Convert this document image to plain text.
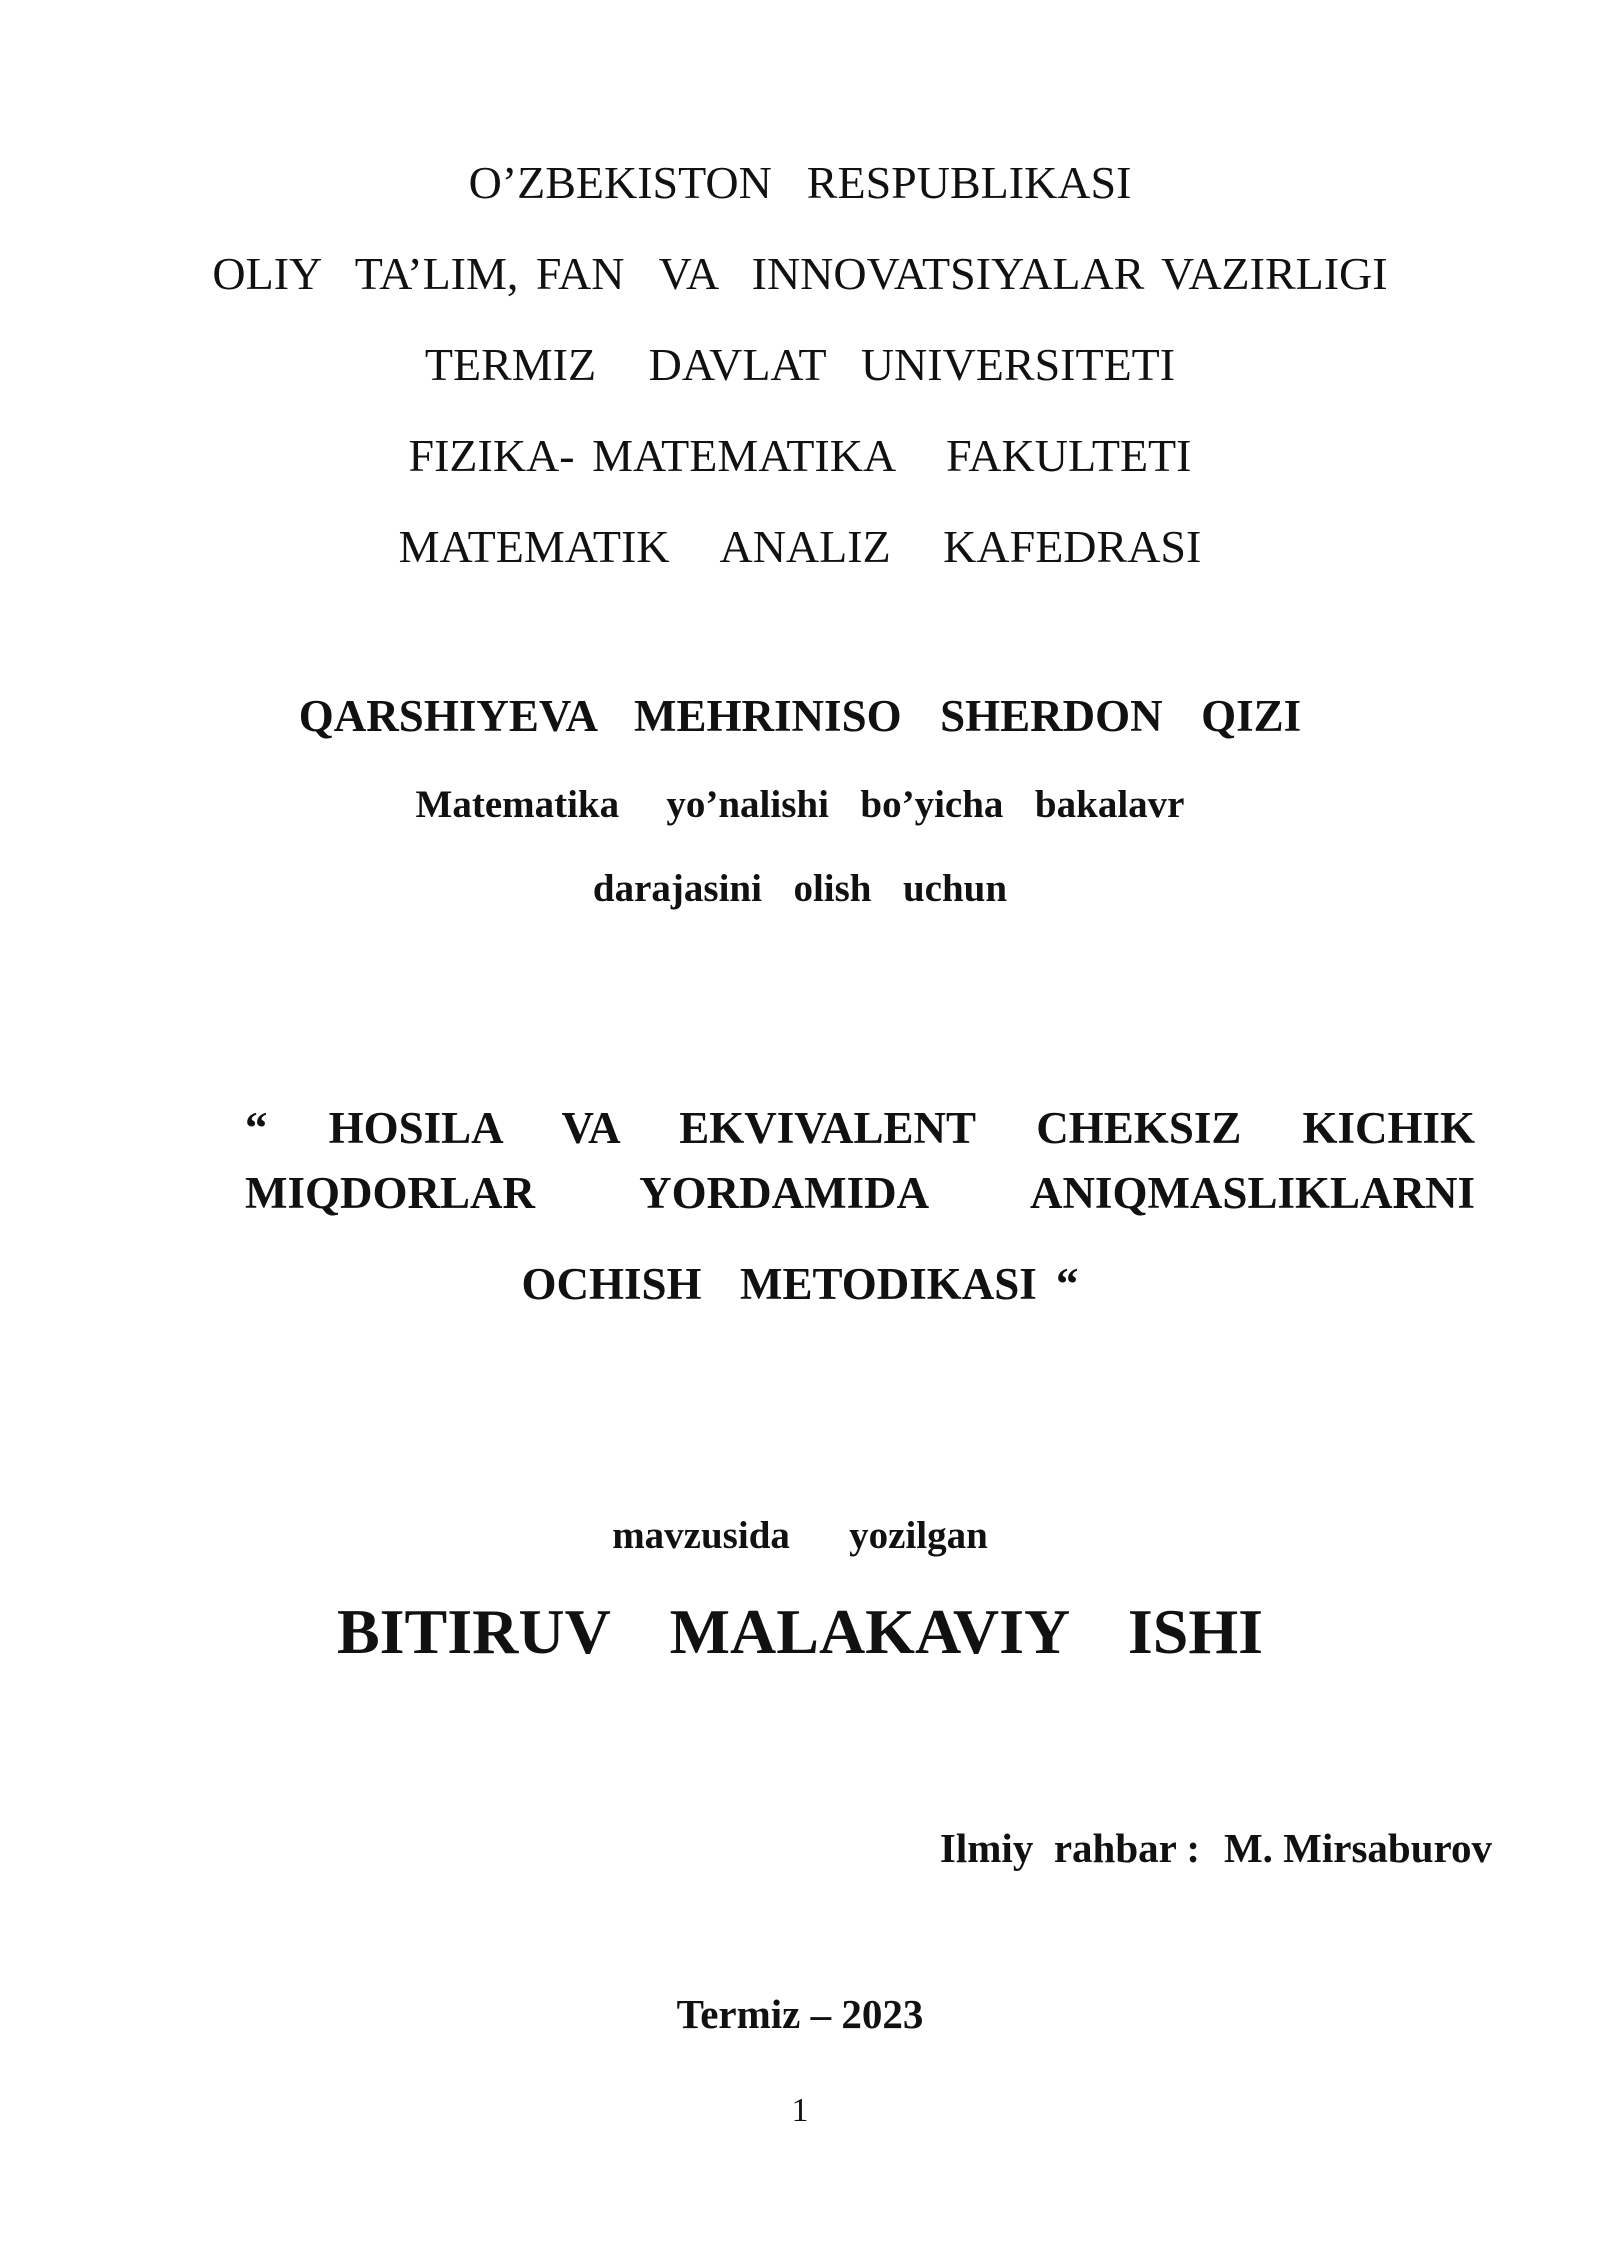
O’ZBEKISTON  RESPUBLIKASI
OLIY  TA’LIM, FAN  VA  INNOVATSIYALAR VAZIRLIGI
TERMIZ   DAVLAT  UNIVERSITETI
FIZIKA- MATEMATIKA   FAKULTETI
MATEMATIK   ANALIZ   KAFEDRASI
QARSHIYEVA  MEHRINISO  SHERDON  QIZI
Matematika   yo’nalishi  bo’yicha  bakalavr
darajasini  olish  uchun
“ HOSILA VA EKVIVALENT CHEKSIZ KICHIK
MIQDORLAR YORDAMIDA ANIQMASLIKLARNI
OCHISH  METODIKASI “
mavzusida   yozilgan
BITIRUV  MALAKAVIY  ISHI
Ilmiy  rahbar : M. Mirsaburov
Termiz – 2023
1
